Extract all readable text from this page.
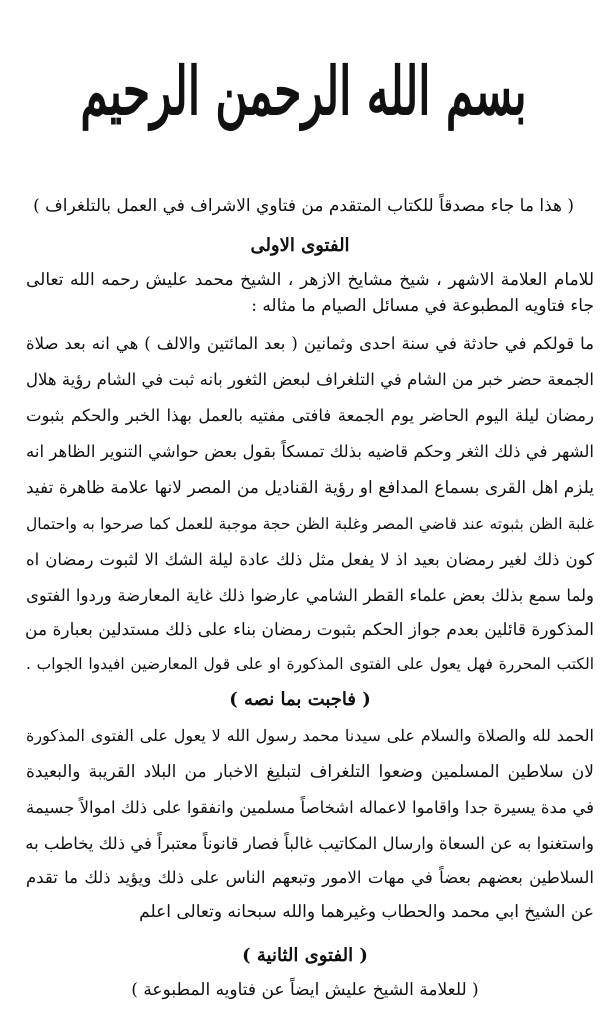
بسم الله الرحمن الرحيم
( هذا ما جاء مصدقاً للكتاب المتقدم من فتاوي الاشراف في العمل بالتلغراف )
الفتوى الاولى
للامام العلامة الاشهر ، شيخ مشايخ الازهر ، الشيخ محمد عليش رحمه الله تعالى
جاء فتاويه المطبوعة في مسائل الصيام ما مثاله :
ما قولكم في حادثة في سنة احدى وثمانين ( بعد المائتين والالف ) هي انه بعد صلاة
الجمعة حضر خبر من الشام في التلغراف لبعض الثغور بانه ثبت في الشام رؤية هلال
رمضان ليلة اليوم الحاضر يوم الجمعة فافتى مفتيه بالعمل بهذا الخبر والحكم بثبوت
الشهر في ذلك الثغر وحكم قاضيه بذلك تمسكاً بقول بعض حواشي التنوير الظاهر انه
يلزم اهل القرى بسماع المدافع او رؤية القناديل من المصر لانها علامة ظاهرة تفيد
غلبة الظن بثبوته عند قاضي المصر وغلبة الظن حجة موجبة للعمل كما صرحوا به واحتمال
كون ذلك لغير رمضان بعيد اذ لا يفعل مثل ذلك عادة ليلة الشك الا لثبوت رمضان اه
ولما سمع بذلك بعض علماء القطر الشامي عارضوا ذلك غاية المعارضة وردوا الفتوى
المذكورة قائلين بعدم جواز الحكم بثبوت رمضان بناء على ذلك مستدلين بعبارة من
الكتب المحررة فهل يعول على الفتوى المذكورة او على قول المعارضين افيدوا الجواب .
( فاجبت بما نصه )
الحمد لله والصلاة والسلام على سيدنا محمد رسول الله لا يعول على الفتوى المذكورة
لان سلاطين المسلمين وضعوا التلغراف لتبليغ الاخبار من البلاد القريبة والبعيدة
في مدة يسيرة جدا واقاموا لاعماله اشخاصاً مسلمين وانفقوا على ذلك اموالاً جسيمة
واستغنوا به عن السعاة وارسال المكاتيب غالباً فصار قانوناً معتبراً في ذلك يخاطب به
السلاطين بعضهم بعضاً في مهات الامور وتبعهم الناس على ذلك ويؤيد ذلك ما تقدم
عن الشيخ ابي محمد والحطاب وغيرهما والله سبحانه وتعالى اعلم
( الفتوى الثانية )
( للعلامة الشيخ عليش ايضاً عن فتاويه المطبوعة )
